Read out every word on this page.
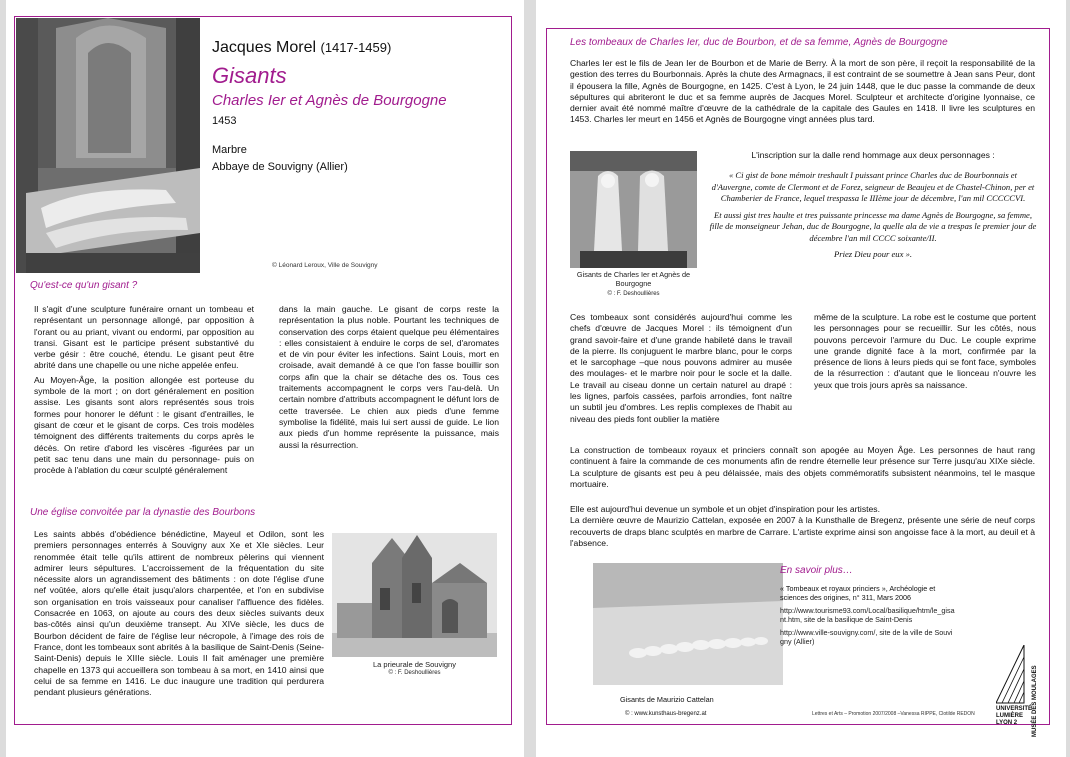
Jacques Morel (1417-1459)
Gisants
Charles Ier et Agnès de Bourgogne
1453
Marbre
Abbaye de Souvigny (Allier)
© Léonard Leroux, Ville de Souvigny
Qu'est-ce qu'un gisant ?

Il s'agit d'une sculpture funéraire ornant un tombeau et représentant un personnage allongé, par opposition à l'orant ou au priant, vivant ou endormi, par opposition au transi. Gisant est le participe présent substantivé du verbe gésir : être couché, étendu. Le gisant peut être abrité dans une chapelle ou une niche appelée enfeu.

Au Moyen-Âge, la position allongée est porteuse du symbole de la mort ; on dort généralement en position assise. Les gisants sont alors représentés sous trois formes pour honorer le défunt : le gisant d'entrailles, le gisant de cœur et le gisant de corps. Ces trois modèles témoignent des différents traitements du corps après le décès. On retire d'abord les viscères -figurées par un petit sac tenu dans une main du personnage- puis on procède à l'ablation du cœur sculpté généralement

dans la main gauche. Le gisant de corps reste la représentation la plus noble. Pourtant les techniques de conservation des corps étaient quelque peu élémentaires : elles consistaient à enduire le corps de sel, d'aromates et de vin pour éviter les infections. Saint Louis, mort en croisade, avait demandé à ce que l'on fasse bouillir son corps afin que la chair se détache des os. Tous ces traitements accompagnent le corps vers l'au-delà. Un certain nombre d'attributs accompagnent le défunt lors de cette traversée. Le chien aux pieds d'une femme symbolise la fidélité, mais lui sert aussi de guide. Le lion aux pieds d'un homme représente la puissance, mais aussi la résurrection.

Une église convoitée par la dynastie des Bourbons

Les saints abbés d'obédience bénédictine, Mayeul et Odilon, sont les premiers personnages enterrés à Souvigny aux Xe et XIe siècles. Leur renommée était telle qu'ils attirent de nombreux pèlerins qui viennent admirer leurs sépultures. L'accroissement de la fréquentation du site nécessite alors un agrandissement des bâtiments : on dote l'église d'une nef voûtée, alors qu'elle était jusqu'alors charpentée, et l'on en subdivise son organisation en trois vaisseaux pour canaliser l'affluence des fidèles. Consacrée en 1063, on ajoute au cours des deux siècles suivants deux bas-côtés ainsi qu'un deuxième transept. Au XIVe siècle, les ducs de Bourbon décident de faire de l'église leur nécropole, à l'image des rois de France, dont les tombeaux sont abrités à la basilique de Saint-Denis (Seine-Saint-Denis) depuis le XIIIe siècle. Louis II fait aménager une première chapelle en 1373 qui accueillera son tombeau à sa mort, en 1410 ainsi que celui de sa femme en 1416. Le duc inaugure une tradition qui perdurera pendant plusieurs générations.

La prieurale de Souvigny
© : F. Deshoullières
Les tombeaux de Charles Ier, duc de Bourbon, et de sa femme, Agnès de Bourgogne

Charles Ier est le fils de Jean Ier de Bourbon et de Marie de Berry. À la mort de son père, il reçoit la responsabilité de la gestion des terres du Bourbonnais. Après la chute des Armagnacs, il est contraint de se soumettre à Jean sans Peur, dont il épousera la fille, Agnès de Bourgogne, en 1425. C'est à Lyon, le 24 juin 1448, que le duc passe la commande de deux sépultures qui abriteront le duc et sa femme auprès de Jacques Morel. Sculpteur et architecte d'origine lyonnaise, ce dernier avait été nommé maître d'œuvre de la cathédrale de la capitale des Gaules en 1418. Il livre les sculptures en 1453. Charles Ier meurt en 1456 et Agnès de Bourgogne vingt années plus tard.

Gisants de Charles Ier et Agnès de Bourgogne
© : F. Deshoullières
L'inscription sur la dalle rend hommage aux deux personnages :

« Ci gist de bone mémoir treshault I puissant prince Charles duc de Bourbonnais et d'Auvergne, comte de Clermont et de Forez, seigneur de Beaujeu et de Chastel-Chinon, per et Chamberier de France, lequel trespassa le IIIème jour de décembre, l'an mil CCCCCVI.

Et aussi gist tres haulte et tres puissante princesse ma dame Agnès de Bourgogne, sa femme, fille de monseigneur Jehan, duc de Bourgogne, la quelle ala de vie a trespas le premier jour de décembre l'an mil CCCC soixante/II.

Priez Dieu pour eux ».

Ces tombeaux sont considérés aujourd'hui comme les chefs d'œuvre de Jacques Morel : ils témoignent d'un grand savoir-faire et d'une grande habileté dans le travail de la pierre. Ils conjuguent le marbre blanc, pour le corps et le sarcophage –que nous pouvons admirer au musée des moulages- et le marbre noir pour le socle et la dalle. Le travail au ciseau donne un certain naturel au drapé : les lignes, parfois cassées, parfois arrondies, font naître un subtil jeu d'ombres. Les replis complexes de l'habit au niveau des pieds font oublier la matière

même de la sculpture. La robe est le costume que portent les personnages pour se recueillir. Sur les côtés, nous pouvons percevoir l'armure du Duc. Le couple exprime une grande dignité face à la mort, confirmée par la présence de lions à leurs pieds qui se font face, symboles de la résurrection : d'autant que le lionceau n'ouvre les yeux que trois jours après sa naissance.

La construction de tombeaux royaux et princiers connaît son apogée au Moyen Âge. Les personnes de haut rang continuent à faire la commande de ces monuments afin de rendre éternelle leur présence sur Terre jusqu'au XIXe siècle. La sculpture de gisants est peu à peu délaissée, mais des objets commémoratifs subsistent néanmoins, tel le masque mortuaire.

Elle est aujourd'hui devenue un symbole et un objet d'inspiration pour les artistes.

La dernière œuvre de Maurizio Cattelan, exposée en 2007 à la Kunsthalle de Bregenz, présente une série de neuf corps recouverts de draps blanc sculptés en marbre de Carrare. L'artiste exprime ainsi son angoisse face à la mort, au deuil et à l'absence.

Gisants de Maurizio Cattelan
© : www.kunsthaus-bregenz.at
En savoir plus…
« Tombeaux et royaux princiers », Archéologie et sciences des origines, n° 311, Mars 2006
http://www.tourisme93.com/Local/basilique/htm/le_gisant.htm, site de la basilique de Saint-Denis
http://www.ville-souvigny.com/, site de la ville de Souvigny (Allier)
Lettres et Arts – Promotion 2007/2008 –Vanessa RIPPE, Clotilde REDON
UNIVERSITÉ LUMIÈRE LYON 2	MUSÉE DES MOULAGES
